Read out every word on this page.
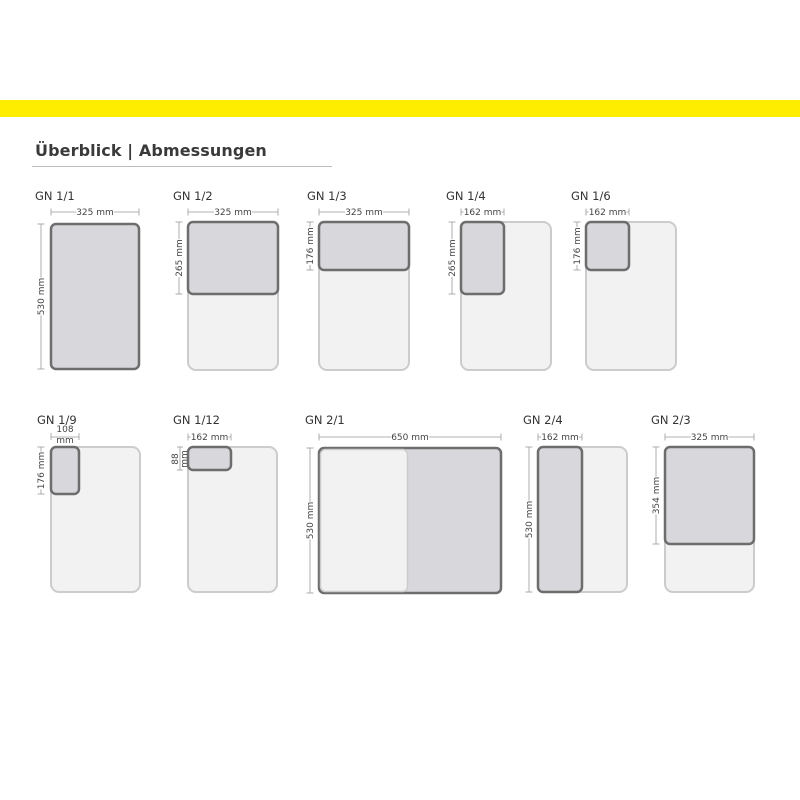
Überblick | Abmessungen
GN 1/1	GN 1/2	GN 1/3	GN 1/4	GN 1/6
GN 1/9	GN 1/12	GN 2/1	GN 2/4	GN 2/3
325 mm
530 mm
325 mm
265 mm
325 mm
176 mm
162 mm
265 mm
162 mm
176 mm
108
mm
176 mm
162 mm
88 mm
650 mm
530 mm
162 mm
530 mm
325 mm
354 mm
